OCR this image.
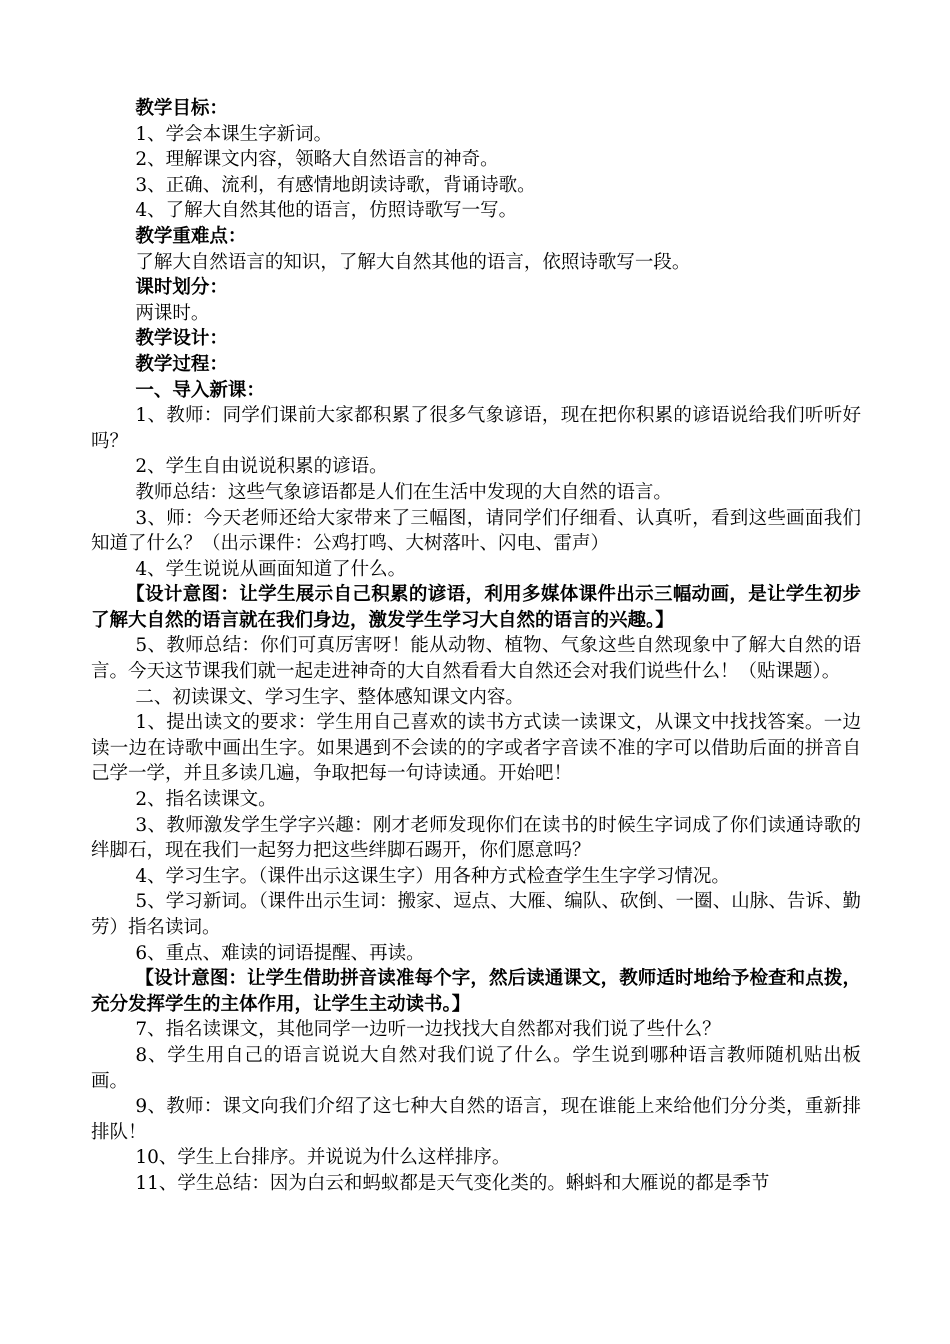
教学目标：

1、学会本课生字新词。

2、理解课文内容，领略大自然语言的神奇。

3、正确、流利，有感情地朗读诗歌，背诵诗歌。

4、了解大自然其他的语言，仿照诗歌写一写。

教学重难点：

了解大自然语言的知识，了解大自然其他的语言，依照诗歌写一段。

课时划分：

两课时。

教学设计：

教学过程：

一、导入新课：

1、教师：同学们课前大家都积累了很多气象谚语，现在把你积累的谚语说给我们听听好吗？

2、学生自由说说积累的谚语。

教师总结：这些气象谚语都是人们在生活中发现的大自然的语言。

3、师：今天老师还给大家带来了三幅图，请同学们仔细看、认真听，看到这些画面我们知道了什么？（出示课件：公鸡打鸣、大树落叶、闪电、雷声）

4、学生说说从画面知道了什么。

【设计意图：让学生展示自己积累的谚语，利用多媒体课件出示三幅动画，是让学生初步了解大自然的语言就在我们身边，激发学生学习大自然的语言的兴趣。】

5、教师总结：你们可真厉害呀！能从动物、植物、气象这些自然现象中了解大自然的语言。今天这节课我们就一起走进神奇的大自然看看大自然还会对我们说些什么！（贴课题）。

二、初读课文、学习生字、整体感知课文内容。

1、提出读文的要求：学生用自己喜欢的读书方式读一读课文，从课文中找找答案。一边读一边在诗歌中画出生字。如果遇到不会读的的字或者字音读不准的字可以借助后面的拼音自己学一学，并且多读几遍，争取把每一句诗读通。开始吧！

2、指名读课文。

3、教师激发学生学字兴趣：刚才老师发现你们在读书的时候生字词成了你们读通诗歌的绊脚石，现在我们一起努力把这些绊脚石踢开，你们愿意吗？

4、学习生字。（课件出示这课生字）用各种方式检查学生生字学习情况。

5、学习新词。（课件出示生词：搬家、逗点、大雁、编队、砍倒、一圈、山脉、告诉、勤劳）指名读词。

6、重点、难读的词语提醒、再读。

【设计意图：让学生借助拼音读准每个字，然后读通课文，教师适时地给予检查和点拨，充分发挥学生的主体作用，让学生主动读书。】

7、指名读课文，其他同学一边听一边找找大自然都对我们说了些什么？

8、学生用自己的语言说说大自然对我们说了什么。学生说到哪种语言教师随机贴出板画。

9、教师：课文向我们介绍了这七种大自然的语言，现在谁能上来给他们分分类，重新排排队！

10、学生上台排序。并说说为什么这样排序。

11、学生总结：因为白云和蚂蚁都是天气变化类的。蝌蚪和大雁说的都是季节
